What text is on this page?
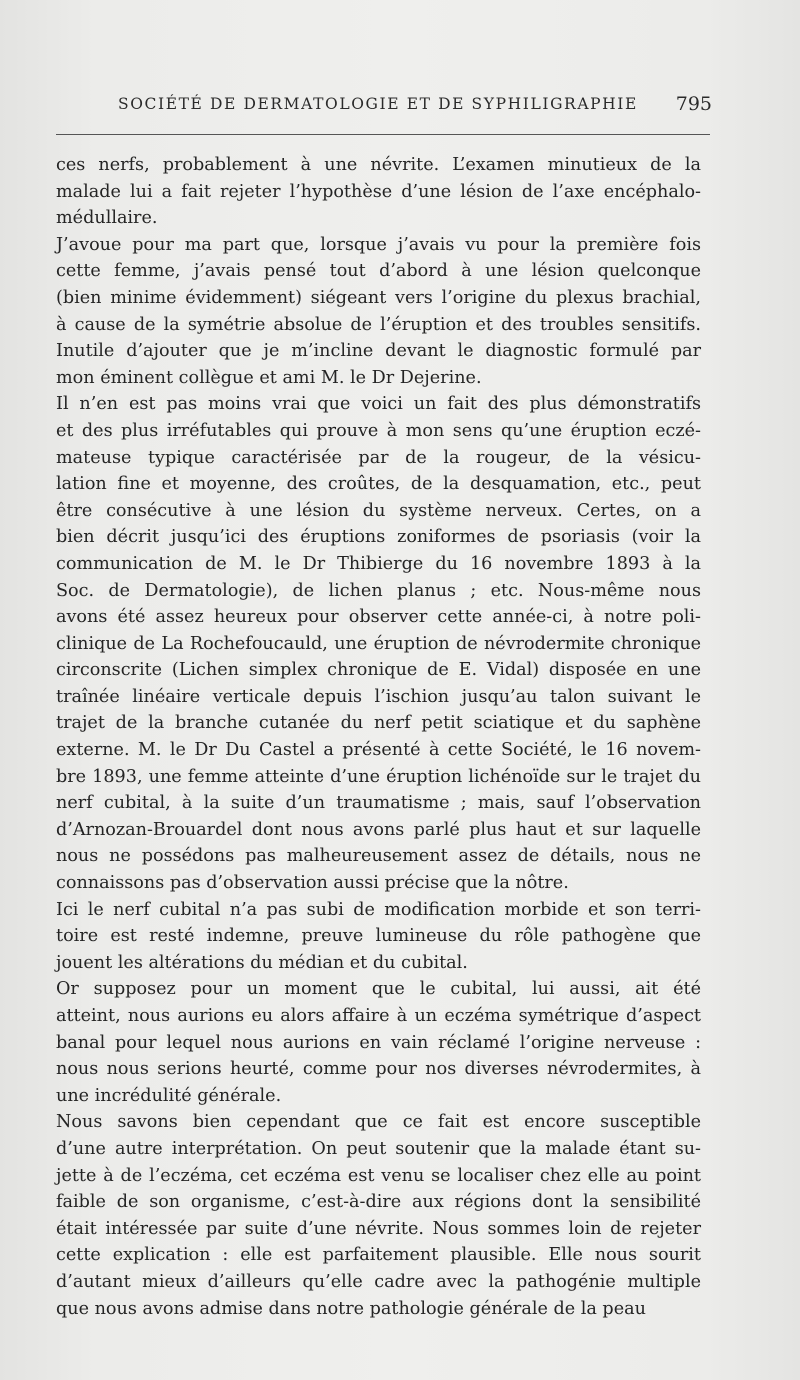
SOCIÉTÉ DE DERMATOLOGIE ET DE SYPHILIGRAPHIE 795
ces nerfs, probablement à une névrite. L’examen minutieux de la
malade lui a fait rejeter l’hypothèse d’une lésion de l’axe encéphalo-
médullaire.
J’avoue pour ma part que, lorsque j’avais vu pour la première fois
cette femme, j’avais pensé tout d’abord à une lésion quelconque
(bien minime évidemment) siégeant vers l’origine du plexus brachial,
à cause de la symétrie absolue de l’éruption et des troubles sensitifs.
Inutile d’ajouter que je m’incline devant le diagnostic formulé par
mon éminent collègue et ami M. le Dr Dejerine.
Il n’en est pas moins vrai que voici un fait des plus démonstratifs
et des plus irréfutables qui prouve à mon sens qu’une éruption eczé-
mateuse typique caractérisée par de la rougeur, de la vésicu-
lation fine et moyenne, des croûtes, de la desquamation, etc., peut
être consécutive à une lésion du système nerveux. Certes, on a
bien décrit jusqu’ici des éruptions zoniformes de psoriasis (voir la
communication de M. le Dr Thibierge du 16 novembre 1893 à la
Soc. de Dermatologie), de lichen planus ; etc. Nous-même nous
avons été assez heureux pour observer cette année-ci, à notre poli-
clinique de La Rochefoucauld, une éruption de névrodermite chronique
circonscrite (Lichen simplex chronique de E. Vidal) disposée en une
traînée linéaire verticale depuis l’ischion jusqu’au talon suivant le
trajet de la branche cutanée du nerf petit sciatique et du saphène
externe. M. le Dr Du Castel a présenté à cette Société, le 16 novem-
bre 1893, une femme atteinte d’une éruption lichénoïde sur le trajet du
nerf cubital, à la suite d’un traumatisme ; mais, sauf l’observation
d’Arnozan-Brouardel dont nous avons parlé plus haut et sur laquelle
nous ne possédons pas malheureusement assez de détails, nous ne
connaissons pas d’observation aussi précise que la nôtre.
Ici le nerf cubital n’a pas subi de modification morbide et son terri-
toire est resté indemne, preuve lumineuse du rôle pathogène que
jouent les altérations du médian et du cubital.
Or supposez pour un moment que le cubital, lui aussi, ait été
atteint, nous aurions eu alors affaire à un eczéma symétrique d’aspect
banal pour lequel nous aurions en vain réclamé l’origine nerveuse :
nous nous serions heurté, comme pour nos diverses névrodermites, à
une incrédulité générale.
Nous savons bien cependant que ce fait est encore susceptible
d’une autre interprétation. On peut soutenir que la malade étant su-
jette à de l’eczéma, cet eczéma est venu se localiser chez elle au point
faible de son organisme, c’est-à-dire aux régions dont la sensibilité
était intéressée par suite d’une névrite. Nous sommes loin de rejeter
cette explication : elle est parfaitement plausible. Elle nous sourit
d’autant mieux d’ailleurs qu’elle cadre avec la pathogénie multiple
que nous avons admise dans notre pathologie générale de la peau
